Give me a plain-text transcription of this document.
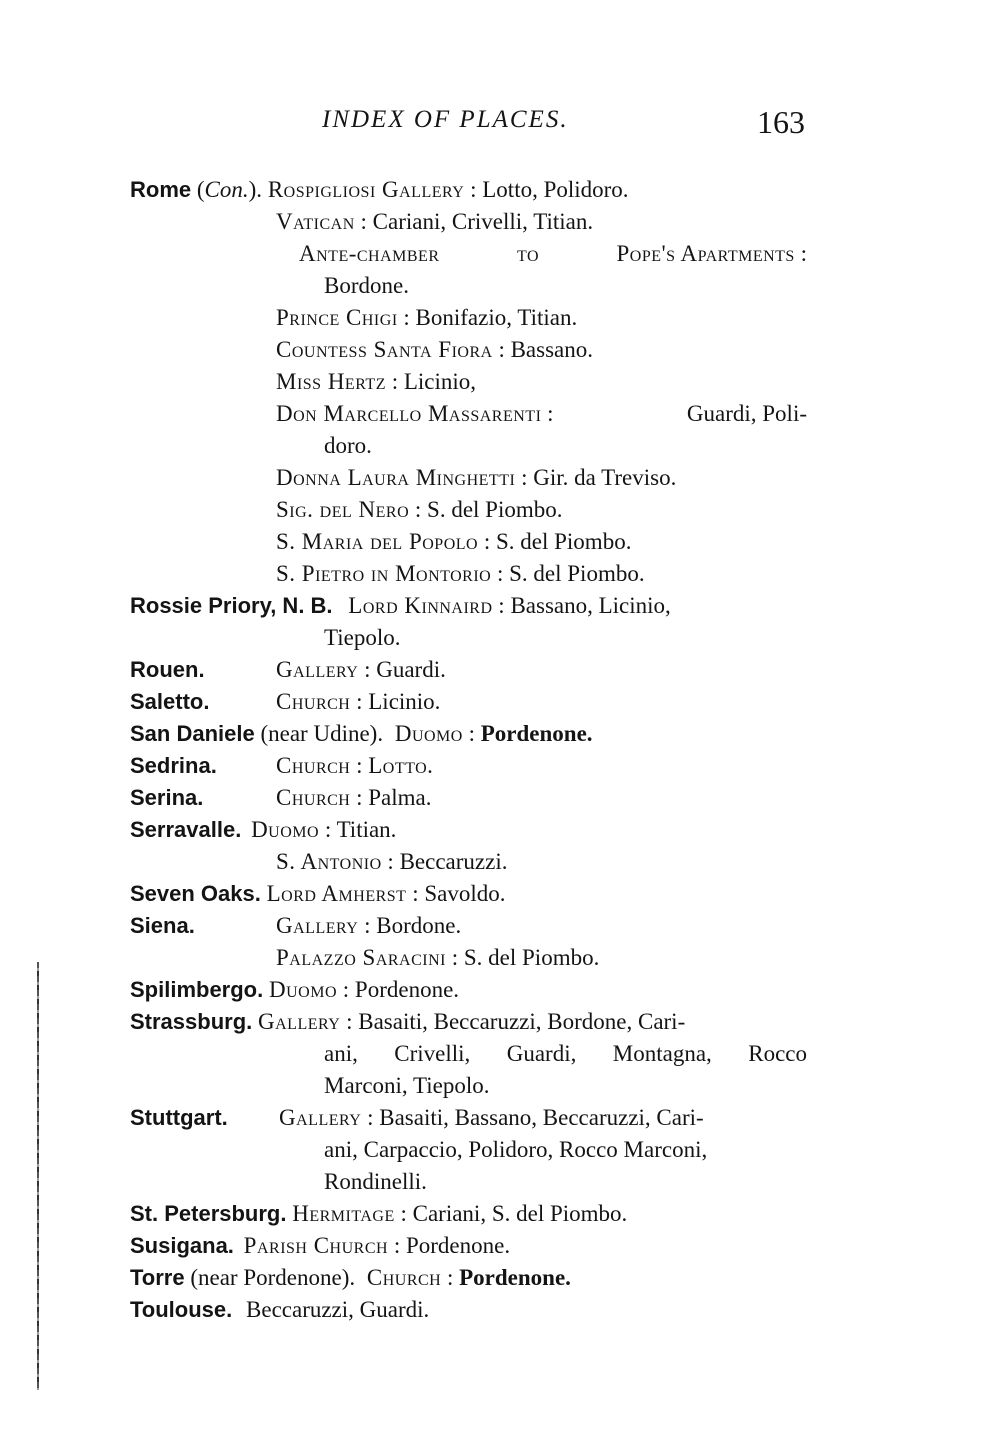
INDEX OF PLACES.	163
Rome (Con.). Rospigliosi Gallery : Lotto, Polidoro.
Vatican : Cariani, Crivelli, Titian.
Ante-chamber	to	Pope's Apartments :
Bordone.
Prince Chigi : Bonifazio, Titian.
Countess Santa Fiora : Bassano.
Miss Hertz : Licinio,
Don Marcello Massarenti :	Guardi, Poli-
doro.
Donna Laura Minghetti : Gir. da Treviso.
Sig. del Nero : S. del Piombo.
S. Maria del Popolo : S. del Piombo.
S. Pietro in Montorio : S. del Piombo.
Rossie Priory, N. B. Lord Kinnaird : Bassano, Licinio,
Tiepolo.
Rouen.	Gallery : Guardi.
Saletto.	Church : Licinio.
San Daniele (near Udine). Duomo : Pordenone.
Sedrina.	Church : Lotto.
Serina.	Church : Palma.
Serravalle. Duomo : Titian.
S. Antonio : Beccaruzzi.
Seven Oaks. Lord Amherst : Savoldo.
Siena.	Gallery : Bordone.
Palazzo Saracini : S. del Piombo.
Spilimbergo. Duomo : Pordenone.
Strassburg. Gallery : Basaiti, Beccaruzzi, Bordone, Cari-
ani, Crivelli, Guardi, Montagna, Rocco
Marconi, Tiepolo.
Stuttgart. Gallery : Basaiti, Bassano, Beccaruzzi, Cari-
ani, Carpaccio, Polidoro, Rocco Marconi,
Rondinelli.
St. Petersburg. Hermitage : Cariani, S. del Piombo.
Susigana. Parish Church : Pordenone.
Torre (near Pordenone). Church : Pordenone.
Toulouse. Beccaruzzi, Guardi.
